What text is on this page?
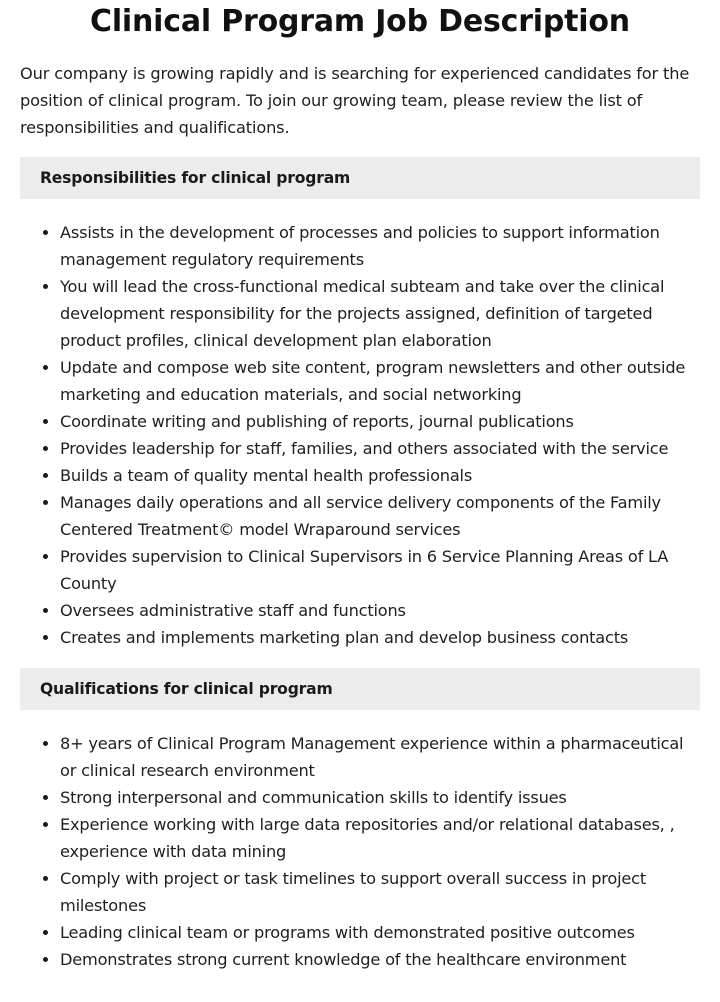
Clinical Program Job Description

Our company is growing rapidly and is searching for experienced candidates for the position of clinical program. To join our growing team, please review the list of responsibilities and qualifications.

Responsibilities for clinical program
Assists in the development of processes and policies to support information management regulatory requirements
You will lead the cross-functional medical subteam and take over the clinical development responsibility for the projects assigned, definition of targeted product profiles, clinical development plan elaboration
Update and compose web site content, program newsletters and other outside marketing and education materials, and social networking
Coordinate writing and publishing of reports, journal publications
Provides leadership for staff, families, and others associated with the service
Builds a team of quality mental health professionals
Manages daily operations and all service delivery components of the Family Centered Treatment© model Wraparound services
Provides supervision to Clinical Supervisors in 6 Service Planning Areas of LA County
Oversees administrative staff and functions
Creates and implements marketing plan and develop business contacts
Qualifications for clinical program
8+ years of Clinical Program Management experience within a pharmaceutical or clinical research environment
Strong interpersonal and communication skills to identify issues
Experience working with large data repositories and/or relational databases, , experience with data mining
Comply with project or task timelines to support overall success in project milestones
Leading clinical team or programs with demonstrated positive outcomes
Demonstrates strong current knowledge of the healthcare environment
